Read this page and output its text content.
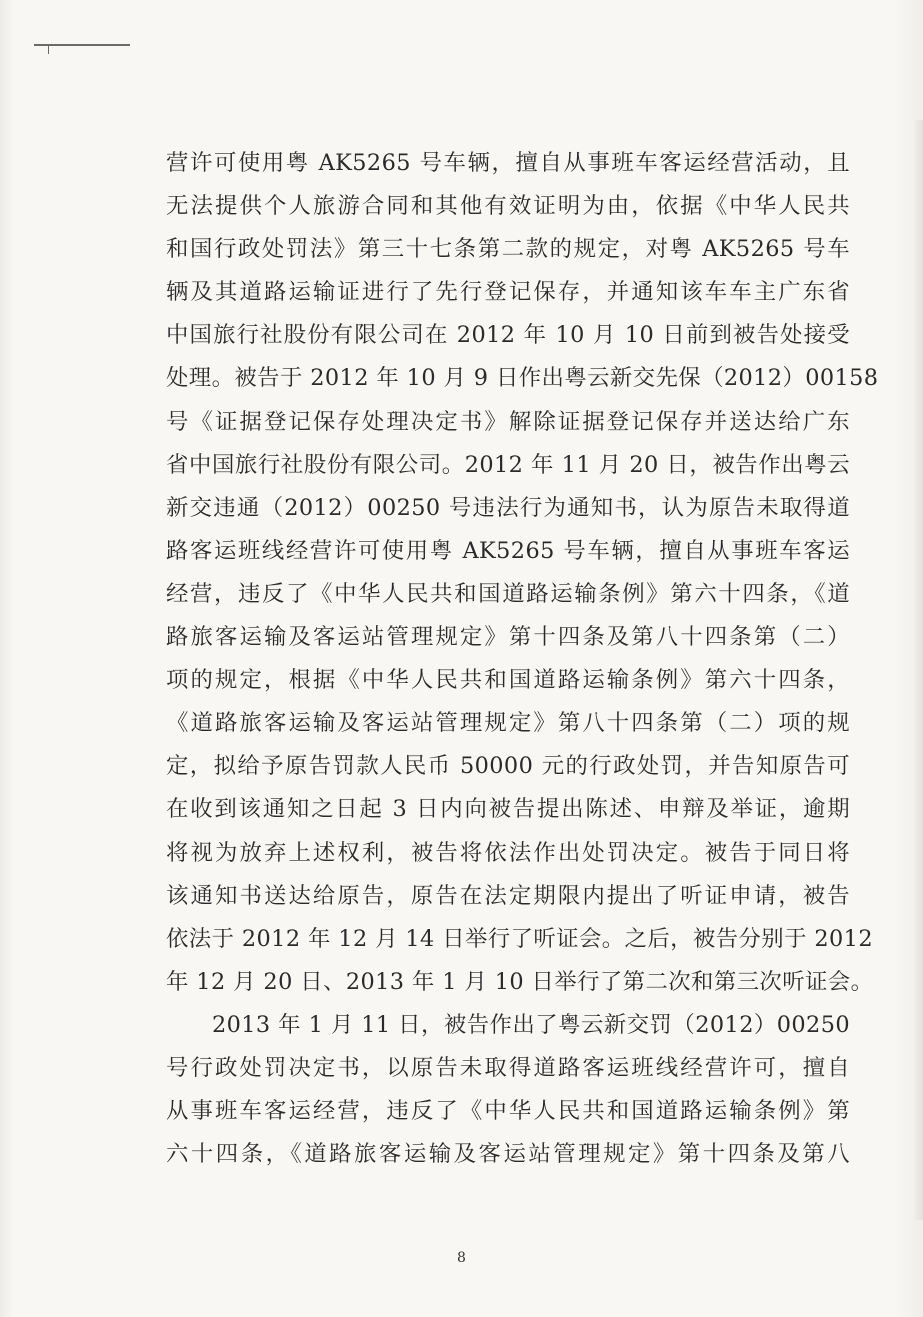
营许可使用粤 AK5265 号车辆，擅自从事班车客运经营活动，且
无法提供个人旅游合同和其他有效证明为由，依据《中华人民共
和国行政处罚法》第三十七条第二款的规定，对粤 AK5265 号车
辆及其道路运输证进行了先行登记保存，并通知该车车主广东省
中国旅行社股份有限公司在 2012 年 10 月 10 日前到被告处接受
处理。被告于 2012 年 10 月 9 日作出粤云新交先保（2012）00158
号《证据登记保存处理决定书》解除证据登记保存并送达给广东
省中国旅行社股份有限公司。2012 年 11 月 20 日，被告作出粤云
新交违通（2012）00250 号违法行为通知书，认为原告未取得道
路客运班线经营许可使用粤 AK5265 号车辆，擅自从事班车客运
经营，违反了《中华人民共和国道路运输条例》第六十四条，《道
路旅客运输及客运站管理规定》第十四条及第八十四条第（二）
项的规定，根据《中华人民共和国道路运输条例》第六十四条，
《道路旅客运输及客运站管理规定》第八十四条第（二）项的规
定，拟给予原告罚款人民币 50000 元的行政处罚，并告知原告可
在收到该通知之日起 3 日内向被告提出陈述、申辩及举证，逾期
将视为放弃上述权利，被告将依法作出处罚决定。被告于同日将
该通知书送达给原告，原告在法定期限内提出了听证申请，被告
依法于 2012 年 12 月 14 日举行了听证会。之后，被告分别于 2012
年 12 月 20 日、2013 年 1 月 10 日举行了第二次和第三次听证会。
2013 年 1 月 11 日，被告作出了粤云新交罚（2012）00250
号行政处罚决定书，以原告未取得道路客运班线经营许可，擅自
从事班车客运经营，违反了《中华人民共和国道路运输条例》第
六十四条，《道路旅客运输及客运站管理规定》第十四条及第八
8
